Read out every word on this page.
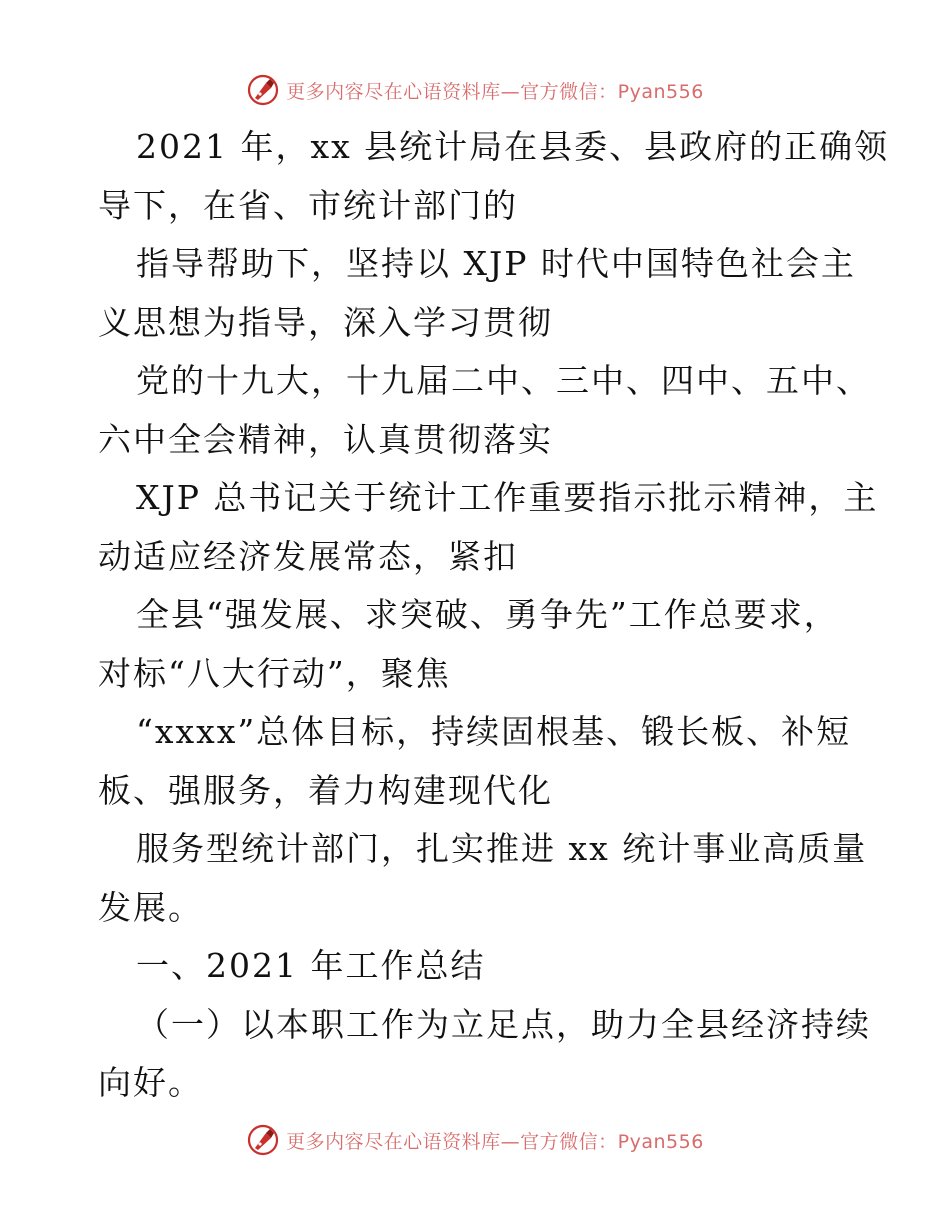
更多内容尽在心语资料库—官方微信：Pyan556
2021 年，xx 县统计局在县委、县政府的正确领
导下，在省、市统计部门的
指导帮助下，坚持以 XJP 时代中国特色社会主
义思想为指导，深入学习贯彻
党的十九大，十九届二中、三中、四中、五中、
六中全会精神，认真贯彻落实
XJP 总书记关于统计工作重要指示批示精神，主
动适应经济发展常态，紧扣
全县“强发展、求突破、勇争先”工作总要求，
对标“八大行动”，聚焦
“xxxx”总体目标，持续固根基、锻长板、补短
板、强服务，着力构建现代化
服务型统计部门，扎实推进 xx 统计事业高质量
发展。
一、2021 年工作总结
（一）以本职工作为立足点，助力全县经济持续
向好。
更多内容尽在心语资料库—官方微信：Pyan556
